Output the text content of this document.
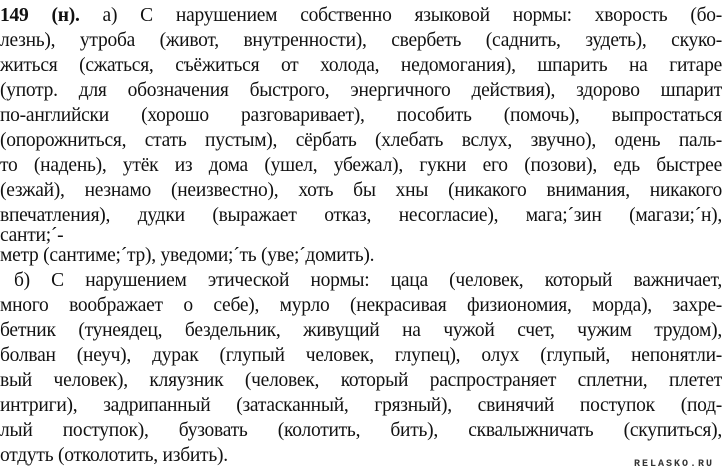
149 (н). а) С нарушением собственно языковой нормы: хворость (бо-
лезнь), утроба (живот, внутренности), свербеть (саднить, зудеть), скуко-
житься (сжаться, съёжиться от холода, недомогания), шпарить на гитаре
(употр. для обозначения быстрого, энергичного действия), здорово шпарит
по-английски (хорошо разговаривает), пособить (помочь), выпростаться
(опорожниться, стать пустым), сёрбать (хлебать вслух, звучно), одень паль-
то (надень), утёк из дома (ушел, убежал), гукни его (позови), едь быстрее
(езжай), незнамо (неизвестно), хоть бы хны (никакого внимания, никакого
впечатления), дудки (выражает отказ, несогласие), мага;´зин (магази;´н),
санти;´-
метр (сантиме;´тр), уведоми;´ть (уве;´домить).
б) С нарушением этической нормы: цаца (человек, который важничает,
много воображает о себе), мурло (некрасивая физиономия, морда), захре-
бетник (тунеядец, бездельник, живущий на чужой счет, чужим трудом),
болван (неуч), дурак (глупый человек, глупец), олух (глупый, непонятли-
вый человек), кляузник (человек, который распространяет сплетни, плетет
интриги), задрипанный (затасканный, грязный), свинячий поступок (под-
лый поступок), бузовать (колотить, бить), сквалыжничать (скупиться),
отдуть (отколотить, избить).	RELASKO.RU
